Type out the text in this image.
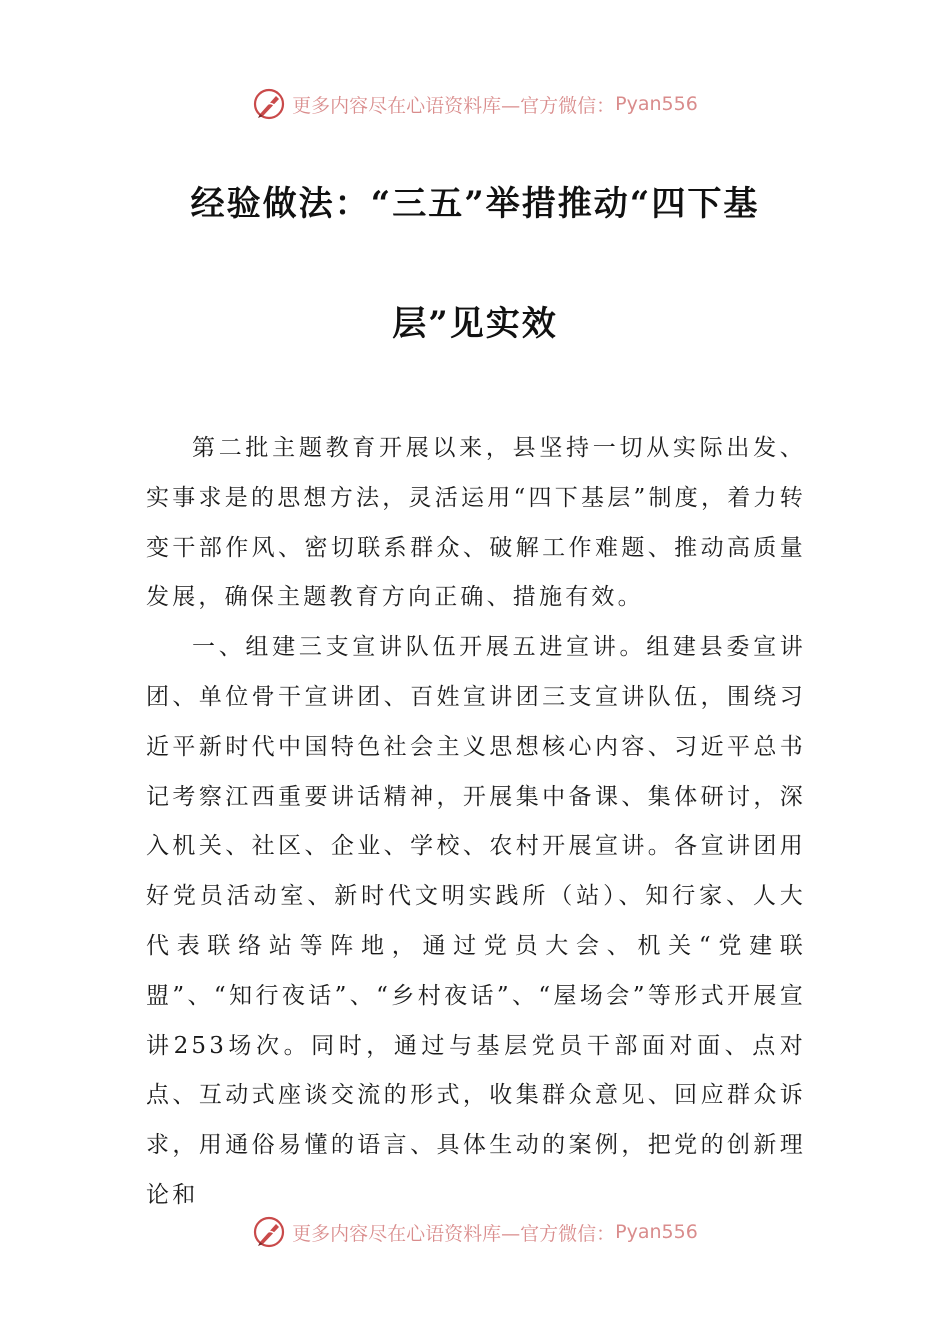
更多内容尽在心语资料库—官方微信： Pyan556
经验做法：“三五”举措推动“四下基
层”见实效

第二批主题教育开展以来，县坚持一切从实际出发、实事求是的思想方法，灵活运用“四下基层”制度，着力转变干部作风、密切联系群众、破解工作难题、推动高质量发展，确保主题教育方向正确、措施有效。

一、组建三支宣讲队伍开展五进宣讲。组建县委宣讲团、单位骨干宣讲团、百姓宣讲团三支宣讲队伍，围绕习近平新时代中国特色社会主义思想核心内容、习近平总书记考察江西重要讲话精神，开展集中备课、集体研讨，深入机关、社区、企业、学校、农村开展宣讲。各宣讲团用好党员活动室、新时代文明实践所（站）、知行家、人大代表联络站等阵地，通过党员大会、机关“党建联盟”、“知行夜话”、“乡村夜话”、“屋场会”等形式开展宣讲253场次。同时，通过与基层党员干部面对面、点对点、互动式座谈交流的形式，收集群众意见、回应群众诉求，用通俗易懂的语言、具体生动的案例，把党的创新理论和

更多内容尽在心语资料库—官方微信： Pyan556
